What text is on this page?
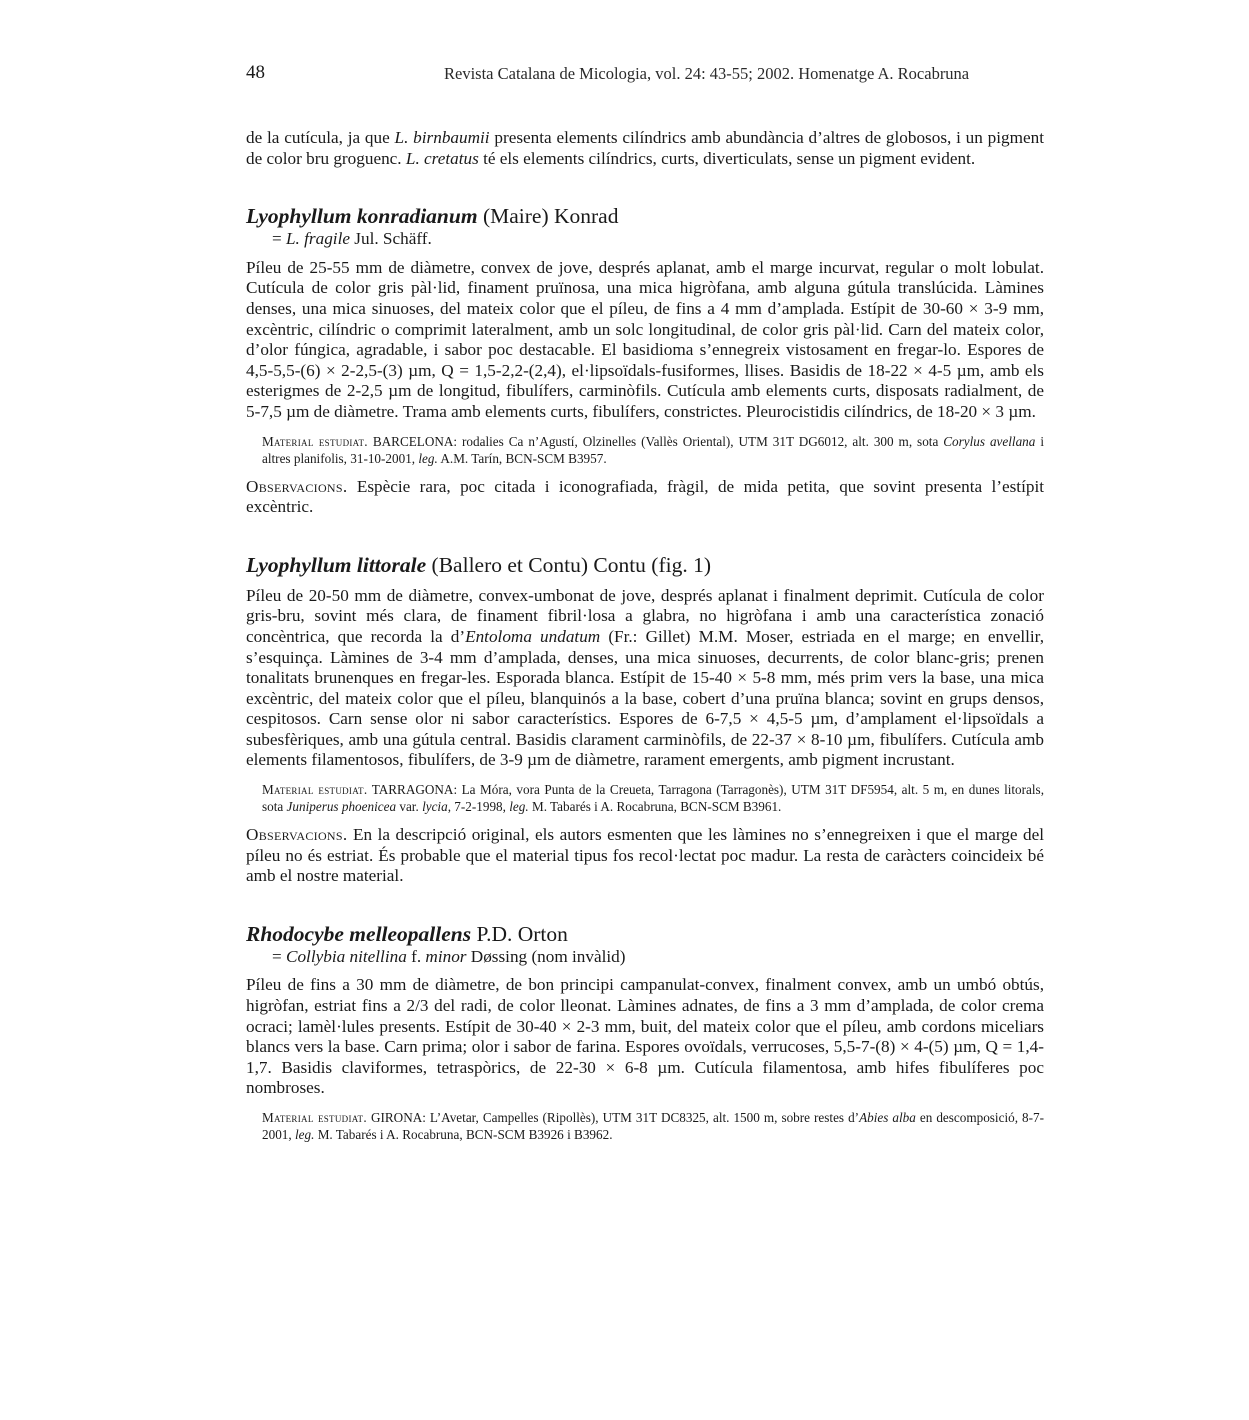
48	Revista Catalana de Micologia, vol. 24: 43-55; 2002. Homenatge A. Rocabruna

de la cutícula, ja que L. birnbaumii presenta elements cilíndrics amb abundància d’altres de globosos, i un pigment de color bru groguenc. L. cretatus té els elements cilíndrics, curts, diverticulats, sense un pigment evident.

Lyophyllum konradianum (Maire) Konrad
= L. fragile Jul. Schäff.

Píleu de 25-55 mm de diàmetre, convex de jove, després aplanat, amb el marge incurvat, regular o molt lobulat. Cutícula de color gris pàl·lid, finament pruïnosa, una mica higròfana, amb alguna gútula translúcida. Làmines denses, una mica sinuoses, del mateix color que el píleu, de fins a 4 mm d’amplada. Estípit de 30-60 × 3-9 mm, excèntric, cilíndric o comprimit lateralment, amb un solc longitudinal, de color gris pàl·lid. Carn del mateix color, d’olor fúngica, agradable, i sabor poc destacable. El basidioma s’ennegreix vistosament en fregar-lo. Espores de 4,5-5,5-(6) × 2-2,5-(3) µm, Q = 1,5-2,2-(2,4), el·lipsoïdals-fusiformes, llises. Basidis de 18-22 × 4-5 µm, amb els esterigmes de 2-2,5 µm de longitud, fibulífers, carminòfils. Cutícula amb elements curts, disposats radialment, de 5-7,5 µm de diàmetre. Trama amb elements curts, fibulífers, constrictes. Pleurocistidis cilíndrics, de 18-20 × 3 µm.

Material estudiat. BARCELONA: rodalies Ca n’Agustí, Olzinelles (Vallès Oriental), UTM 31T DG6012, alt. 300 m, sota Corylus avellana i altres planifolis, 31-10-2001, leg. A.M. Tarín, BCN-SCM B3957.

Observacions. Espècie rara, poc citada i iconografiada, fràgil, de mida petita, que sovint presenta l’estípit excèntric.

Lyophyllum littorale (Ballero et Contu) Contu (fig. 1)

Píleu de 20-50 mm de diàmetre, convex-umbonat de jove, després aplanat i finalment deprimit. Cutícula de color gris-bru, sovint més clara, de finament fibril·losa a glabra, no higròfana i amb una característica zonació concèntrica, que recorda la d’Entoloma undatum (Fr.: Gillet) M.M. Moser, estriada en el marge; en envellir, s’esquinça. Làmines de 3-4 mm d’amplada, denses, una mica sinuoses, decurrents, de color blanc-gris; prenen tonalitats brunenques en fregar-les. Esporada blanca. Estípit de 15-40 × 5-8 mm, més prim vers la base, una mica excèntric, del mateix color que el píleu, blanquinós a la base, cobert d’una pruïna blanca; sovint en grups densos, cespitosos. Carn sense olor ni sabor característics. Espores de 6-7,5 × 4,5-5 µm, d’amplament el·lipsoïdals a subesfèriques, amb una gútula central. Basidis clarament carminòfils, de 22-37 × 8-10 µm, fibulífers. Cutícula amb elements filamentosos, fibulífers, de 3-9 µm de diàmetre, rarament emergents, amb pigment incrustant.

Material estudiat. TARRAGONA: La Móra, vora Punta de la Creueta, Tarragona (Tarragonès), UTM 31T DF5954, alt. 5 m, en dunes litorals, sota Juniperus phoenicea var. lycia, 7-2-1998, leg. M. Tabarés i A. Rocabruna, BCN-SCM B3961.

Observacions. En la descripció original, els autors esmenten que les làmines no s’ennegreixen i que el marge del píleu no és estriat. És probable que el material tipus fos recol·lectat poc madur. La resta de caràcters coincideix bé amb el nostre material.

Rhodocybe melleopallens P.D. Orton
= Collybia nitellina f. minor Døssing (nom invàlid)

Píleu de fins a 30 mm de diàmetre, de bon principi campanulat-convex, finalment convex, amb un umbó obtús, higròfan, estriat fins a 2/3 del radi, de color lleonat. Làmines adnates, de fins a 3 mm d’amplada, de color crema ocraci; lamèl·lules presents. Estípit de 30-40 × 2-3 mm, buit, del mateix color que el píleu, amb cordons miceliars blancs vers la base. Carn prima; olor i sabor de farina. Espores ovoïdals, verrucoses, 5,5-7-(8) × 4-(5) µm, Q = 1,4-1,7. Basidis claviformes, tetraspòrics, de 22-30 × 6-8 µm. Cutícula filamentosa, amb hifes fibulíferes poc nombroses.

Material estudiat. GIRONA: L’Avetar, Campelles (Ripollès), UTM 31T DC8325, alt. 1500 m, sobre restes d’Abies alba en descomposició, 8-7-2001, leg. M. Tabarés i A. Rocabruna, BCN-SCM B3926 i B3962.
